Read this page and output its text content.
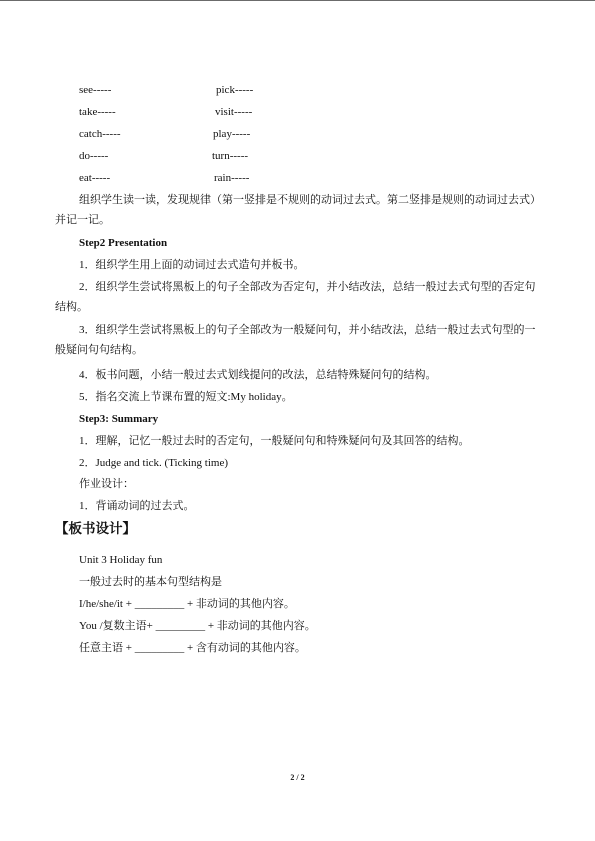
see-----	pick-----
take-----	visit-----
catch-----	play-----
do-----	turn-----
eat-----	rain-----
组织学生读一读，发现规律（第一竖排是不规则的动词过去式。第二竖排是规则的动词过去式）并记一记。
Step2 Presentation
1．组织学生用上面的动词过去式造句并板书。
2．组织学生尝试将黑板上的句子全部改为否定句，并小结改法，总结一般过去式句型的否定句结构。
3．组织学生尝试将黑板上的句子全部改为一般疑问句，并小结改法，总结一般过去式句型的一般疑问句句结构。
4．板书问题，小结一般过去式划线提问的改法，总结特殊疑问句的结构。
5．指名交流上节课布置的短文:My holiday。
Step3: Summary
1．理解，记忆一般过去时的否定句，一般疑问句和特殊疑问句及其回答的结构。
2．Judge and tick. (Ticking time)
作业设计：
1．背诵动词的过去式。
【板书设计】
Unit 3 Holiday fun
一般过去时的基本句型结构是
I/he/she/it + _________ + 非动词的其他内容。
You /复数主语+ _________ + 非动词的其他内容。
任意主语 + _________ + 含有动词的其他内容。
2 / 2
